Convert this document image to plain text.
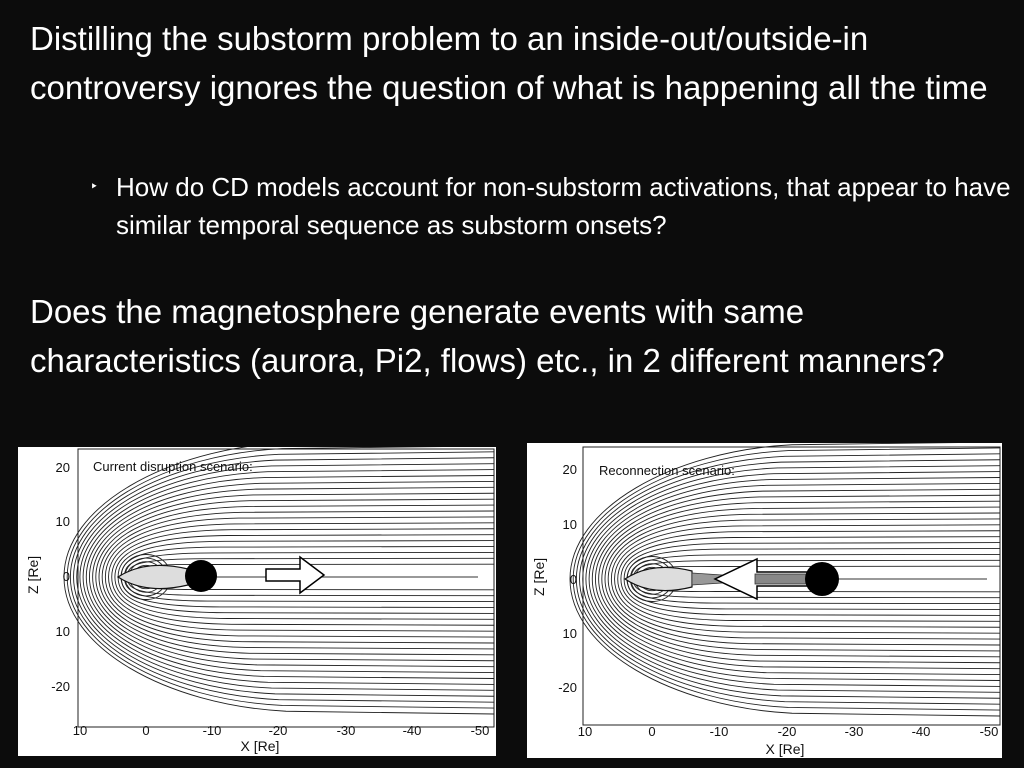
Distilling the substorm problem to an inside-out/outside-in controversy ignores the question of what is happening all the time

‣ How do CD models account for non-substorm activations, that appear to have similar temporal sequence as substorm onsets?

Does the magnetosphere generate events with same characteristics (aurora, Pi2, flows) etc., in 2 different manners?

Current disruption scenario:
Z [Re]
X [Re]
20
10
0
10
-20
10	0	-10	-20	-30	-40	-50
Reconnection scenario:
Z [Re]
X [Re]
20
10
0
10
-20
10	0	-10	-20	-30	-40	-50
